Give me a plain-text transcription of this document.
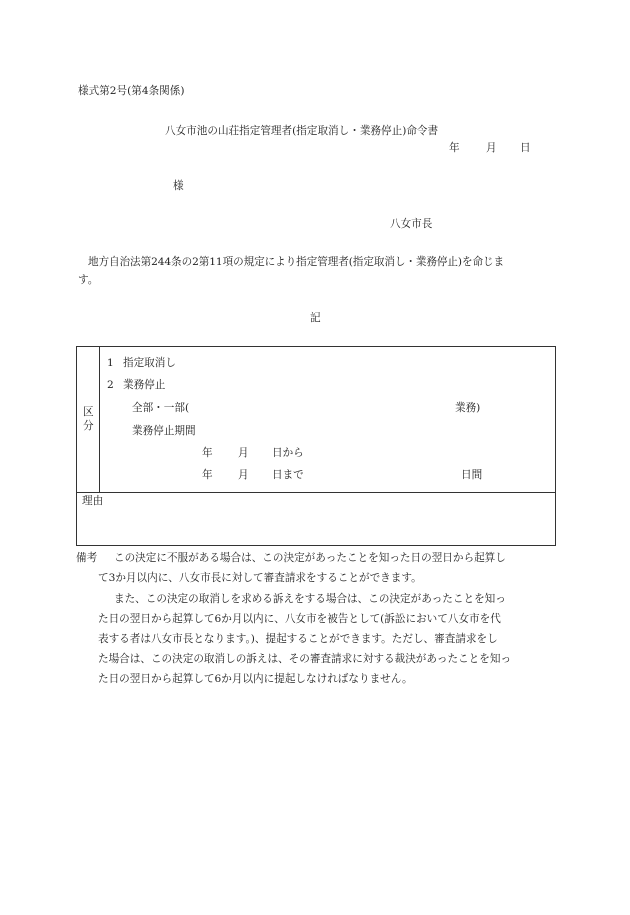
様式第2号(第4条関係)
八女市池の山荘指定管理者(指定取消し・業務停止)命令書
年 月 日
様
八女市長
地方自治法第244条の2第11項の規定により指定管理者(指定取消し・業務停止)を命じま
す。
記
区
分
1 指定取消し
2 業務停止
全部・一部(	業務)
業務停止期間
年 月 日から
年 月 日まで	日間
理由
備考 この決定に不服がある場合は、この決定があったことを知った日の翌日から起算し
て3か月以内に、八女市長に対して審査請求をすることができます。
また、この決定の取消しを求める訴えをする場合は、この決定があったことを知っ
た日の翌日から起算して6か月以内に、八女市を被告として(訴訟において八女市を代
表する者は八女市長となります。)、提起することができます。ただし、審査請求をし
た場合は、この決定の取消しの訴えは、その審査請求に対する裁決があったことを知っ
た日の翌日から起算して6か月以内に提起しなければなりません。
